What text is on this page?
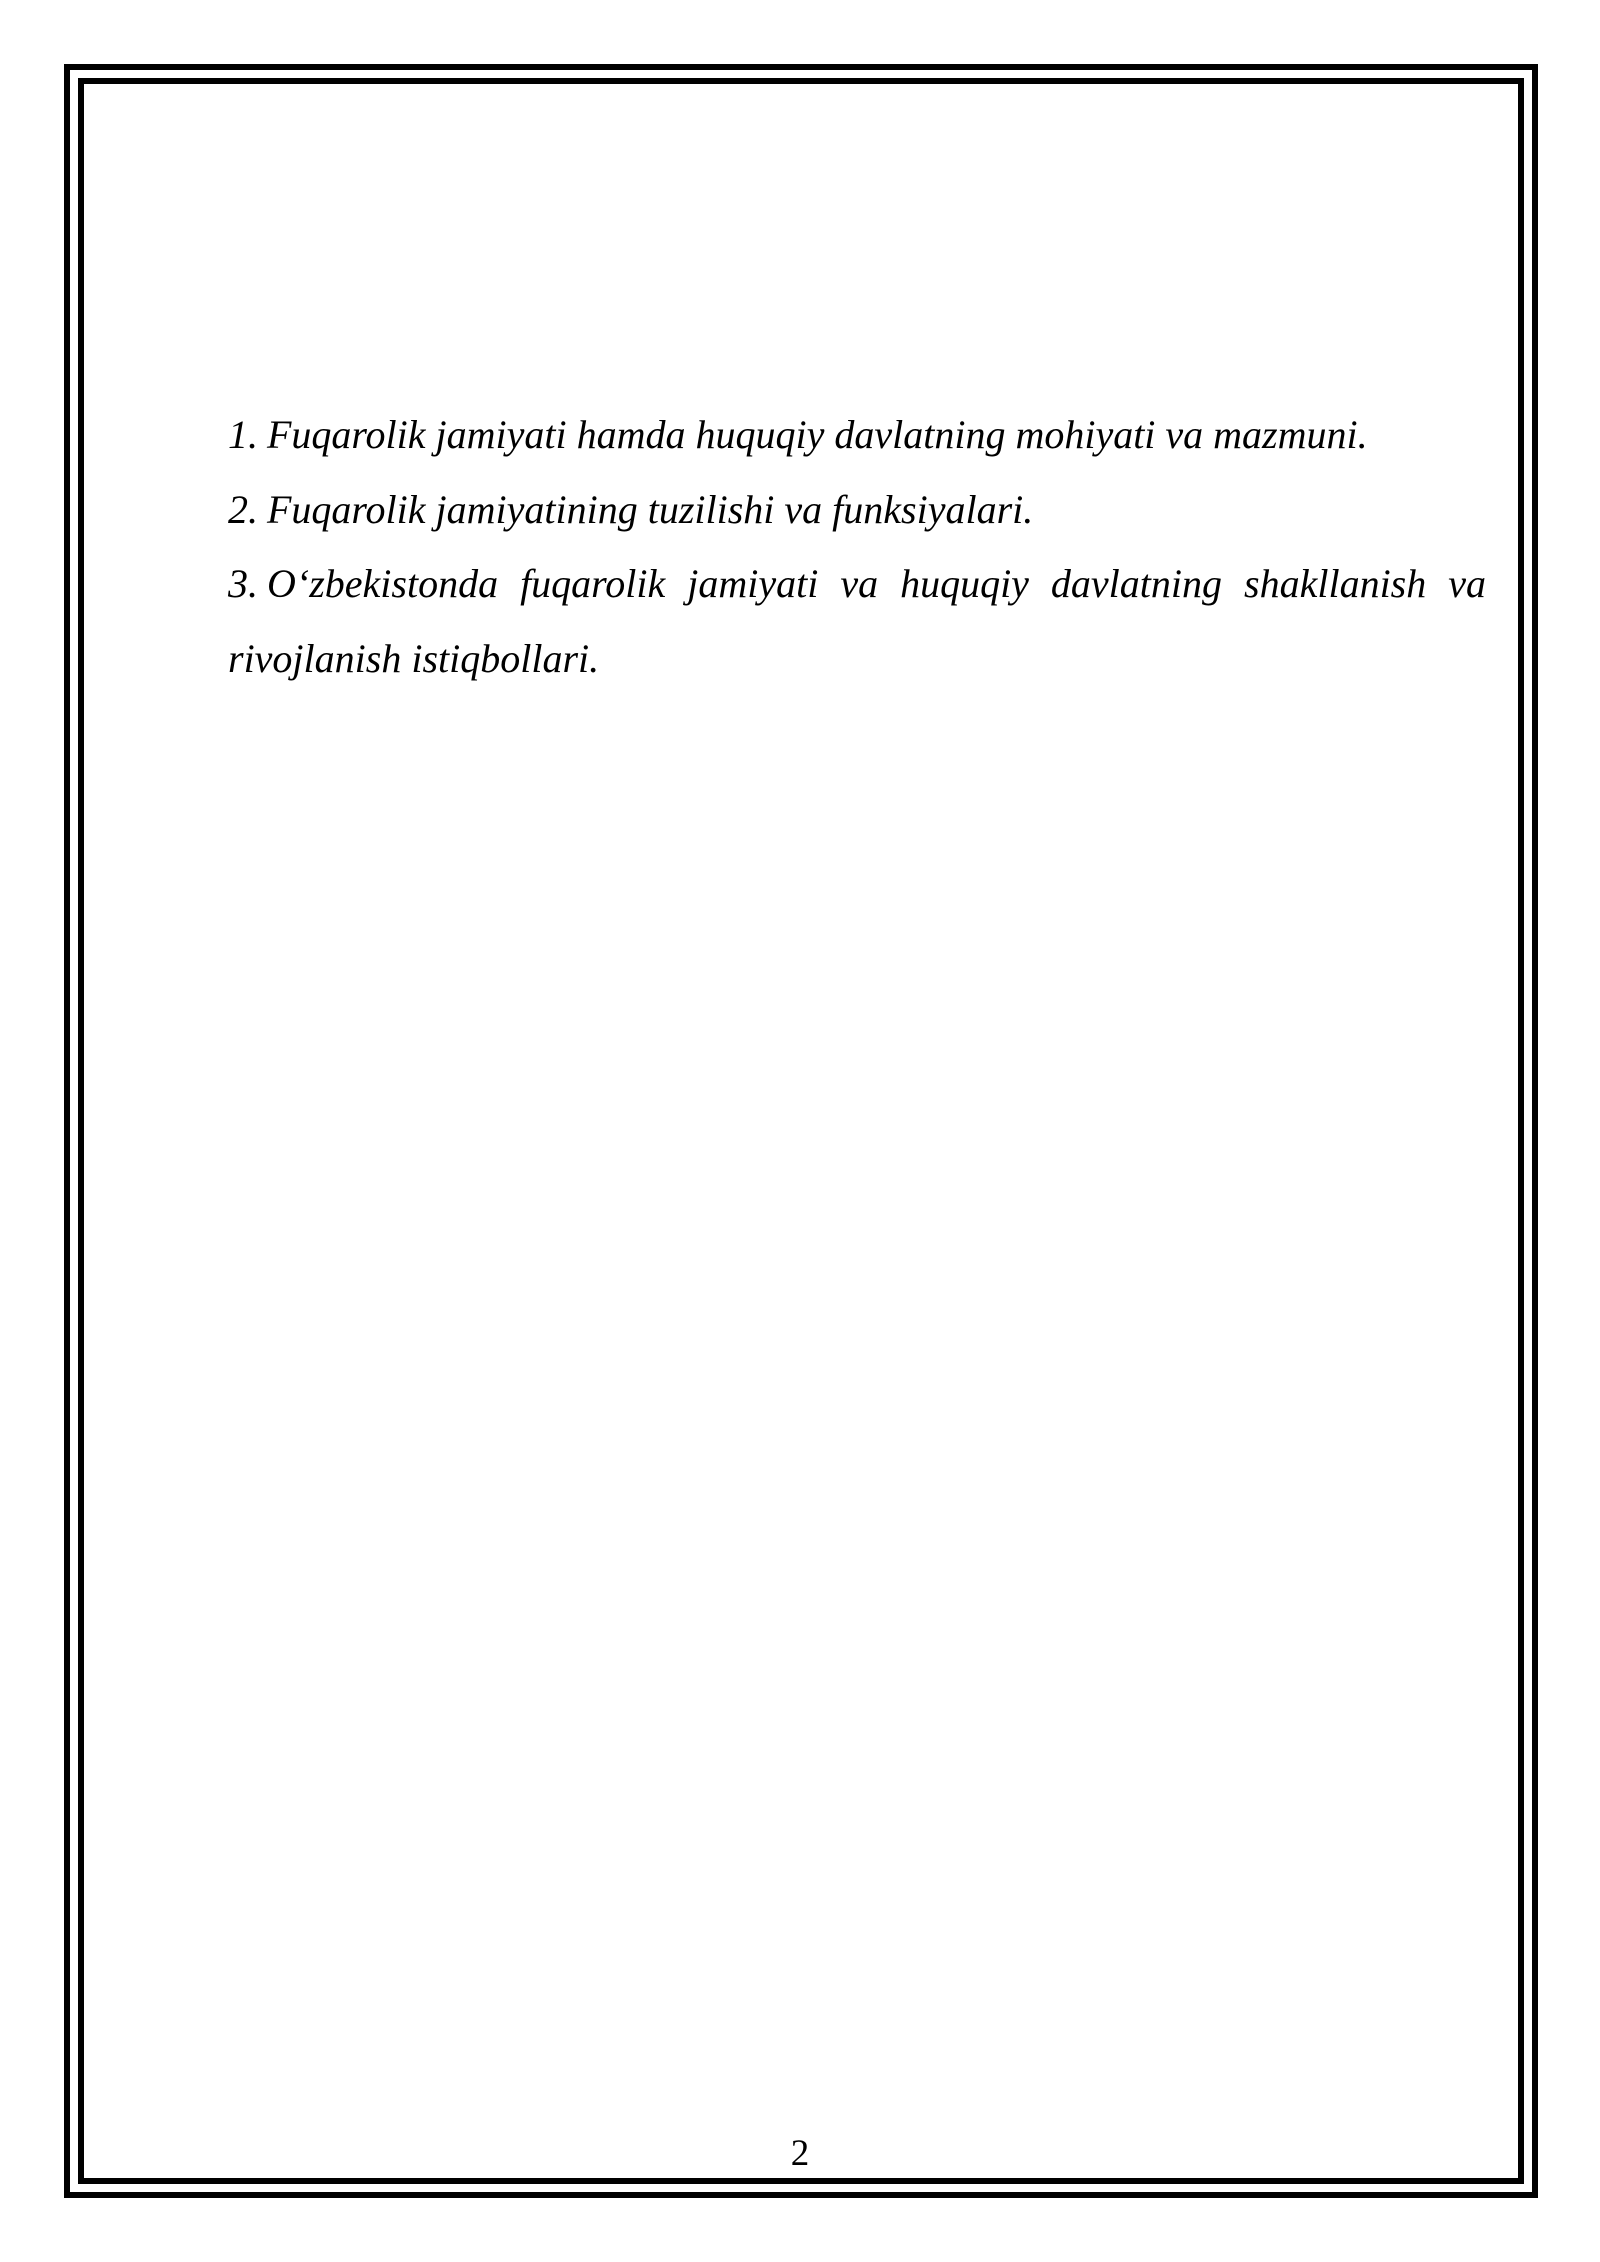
1. Fuqarolik jamiyati hamda huquqiy davlatning mohiyati va mazmuni.
2. Fuqarolik jamiyatining tuzilishi va funksiyalari.
3. O‘zbekistonda fuqarolik jamiyati va huquqiy davlatning shakllanish va rivojlanish istiqbollari.
2
